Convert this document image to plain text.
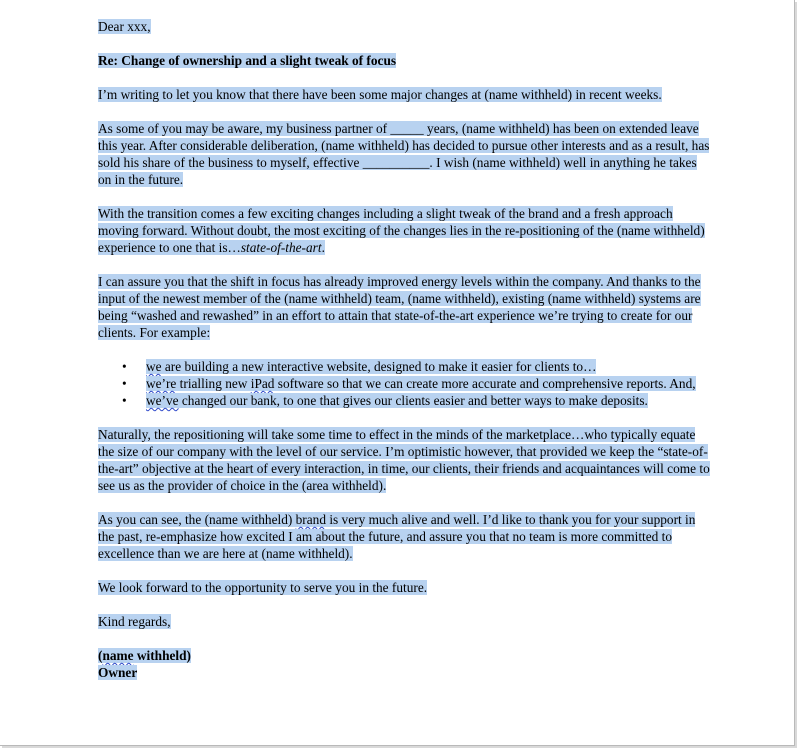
Dear xxx,

Re: Change of ownership and a slight tweak of focus

I’m writing to let you know that there have been some major changes at (name withheld) in recent weeks.

As some of you may be aware, my business partner of _____ years, (name withheld) has been on extended leave this year. After considerable deliberation, (name withheld) has decided to pursue other interests and as a result, has sold his share of the business to myself, effective __________. I wish (name withheld) well in anything he takes on in the future.

With the transition comes a few exciting changes including a slight tweak of the brand and a fresh approach moving forward. Without doubt, the most exciting of the changes lies in the re-positioning of the (name withheld) experience to one that is…state-of-the-art.

I can assure you that the shift in focus has already improved energy levels within the company. And thanks to the input of the newest member of the (name withheld) team, (name withheld), existing (name withheld) systems are being “washed and rewashed” in an effort to attain that state-of-the-art experience we’re trying to create for our clients. For example:

• we are building a new interactive website, designed to make it easier for clients to…
• we’re trialling new iPad software so that we can create more accurate and comprehensive reports. And,
• we’ve changed our bank, to one that gives our clients easier and better ways to make deposits.

Naturally, the repositioning will take some time to effect in the minds of the marketplace…who typically equate the size of our company with the level of our service. I’m optimistic however, that provided we keep the “state-of-the-art” objective at the heart of every interaction, in time, our clients, their friends and acquaintances will come to see us as the provider of choice in the (area withheld).

As you can see, the (name withheld) brand is very much alive and well. I’d like to thank you for your support in the past, re-emphasize how excited I am about the future, and assure you that no team is more committed to excellence than we are here at (name withheld).

We look forward to the opportunity to serve you in the future.

Kind regards,

(name withheld)

Owner
